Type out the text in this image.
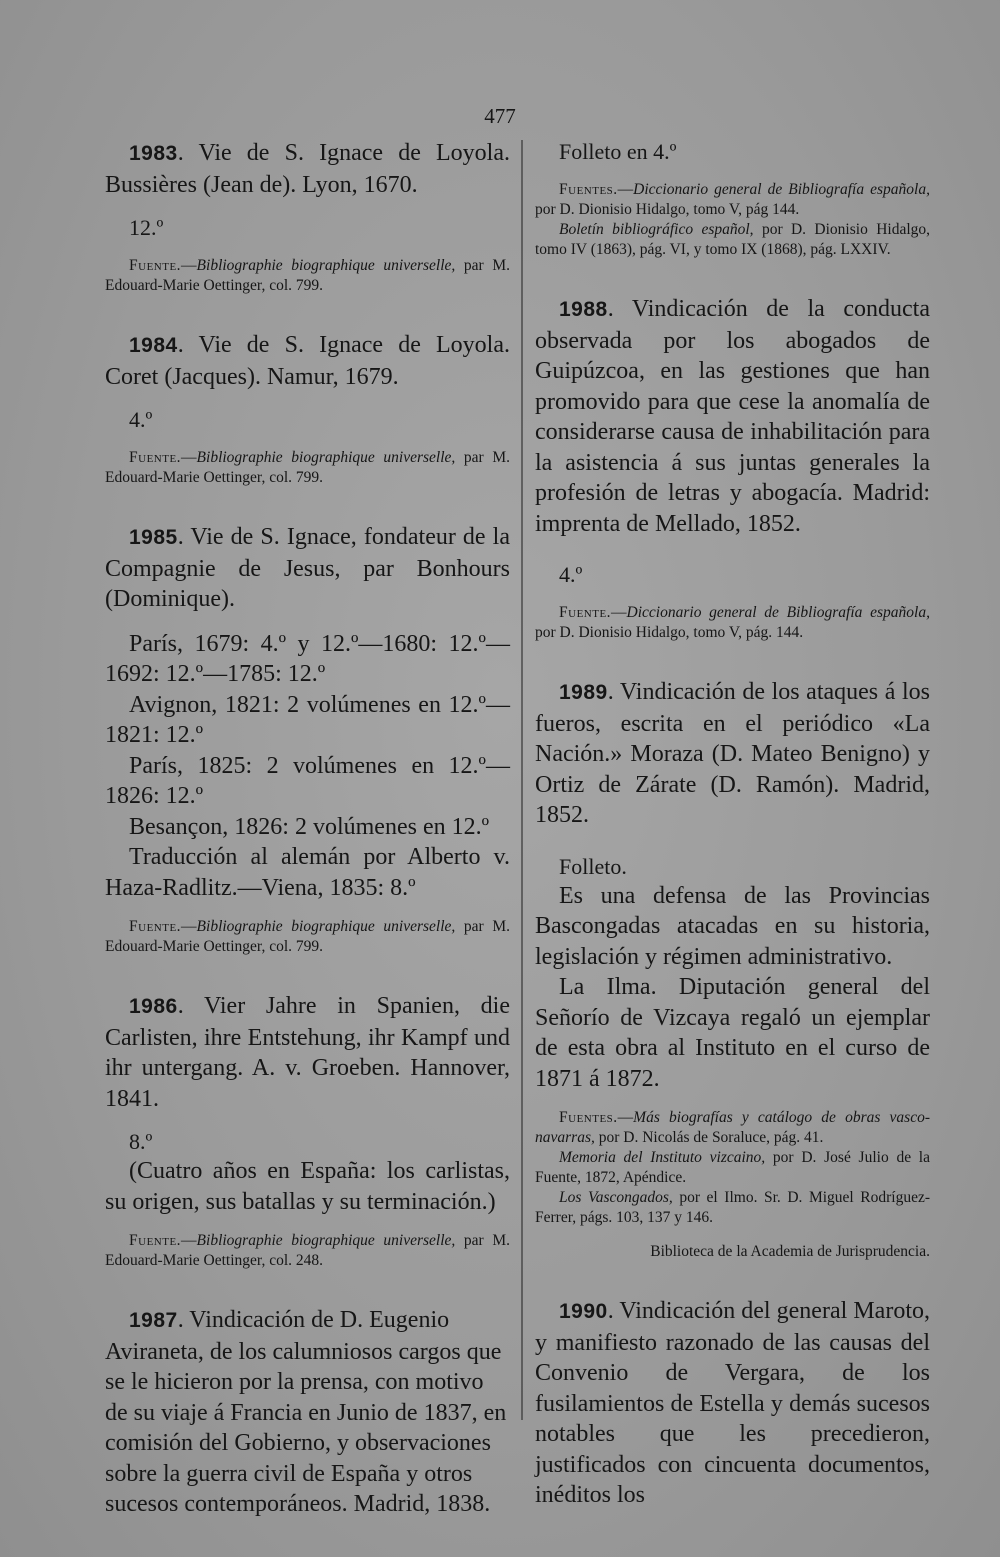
477

1983. Vie de S. Ignace de Loyola. Bussières (Jean de). Lyon, 1670.

12.º

Fuente.—Bibliographie biographique universelle, par M. Edouard-Marie Oettinger, col. 799.

1984. Vie de S. Ignace de Loyola. Coret (Jacques). Namur, 1679.

4.º

Fuente.—Bibliographie biographique universelle, par M. Edouard-Marie Oettinger, col. 799.

1985. Vie de S. Ignace, fondateur de la Compagnie de Jesus, par Bonhours (Dominique).

París, 1679: 4.º y 12.º—1680: 12.º—1692: 12.º—1785: 12.º

Avignon, 1821: 2 volúmenes en 12.º—1821: 12.º

París, 1825: 2 volúmenes en 12.º—1826: 12.º

Besançon, 1826: 2 volúmenes en 12.º

Traducción al alemán por Alberto v. Haza-Radlitz.—Viena, 1835: 8.º

Fuente.—Bibliographie biographique universelle, par M. Edouard-Marie Oettinger, col. 799.

1986. Vier Jahre in Spanien, die Carlisten, ihre Entstehung, ihr Kampf und ihr untergang. A. v. Groeben. Hannover, 1841.

8.º

(Cuatro años en España: los carlistas, su origen, sus batallas y su terminación.)

Fuente.—Bibliographie biographique universelle, par M. Edouard-Marie Oettinger, col. 248.

1987. Vindicación de D. Eugenio Aviraneta, de los calumniosos cargos que se le hicieron por la prensa, con motivo de su viaje á Francia en Junio de 1837, en comisión del Gobierno, y observaciones sobre la guerra civil de España y otros sucesos contemporáneos. Madrid, 1838.

Folleto en 4.º

Fuentes.—Diccionario general de Bibliografía española, por D. Dionisio Hidalgo, tomo V, pág 144.

Boletín bibliográfico español, por D. Dionisio Hidalgo, tomo IV (1863), pág. VI, y tomo IX (1868), pág. LXXIV.

1988. Vindicación de la conducta observada por los abogados de Guipúzcoa, en las gestiones que han promovido para que cese la anomalía de considerarse causa de inhabilitación para la asistencia á sus juntas generales la profesión de letras y abogacía. Madrid: imprenta de Mellado, 1852.

4.º

Fuente.—Diccionario general de Bibliografía española, por D. Dionisio Hidalgo, tomo V, pág. 144.

1989. Vindicación de los ataques á los fueros, escrita en el periódico «La Nación.» Moraza (D. Mateo Benigno) y Ortiz de Zárate (D. Ramón). Madrid, 1852.

Folleto.

Es una defensa de las Provincias Bascongadas atacadas en su historia, legislación y régimen administrativo.

La Ilma. Diputación general del Señorío de Vizcaya regaló un ejemplar de esta obra al Instituto en el curso de 1871 á 1872.

Fuentes.—Más biografías y catálogo de obras vasco-navarras, por D. Nicolás de Soraluce, pág. 41.

Memoria del Instituto vizcaino, por D. José Julio de la Fuente, 1872, Apéndice.

Los Vascongados, por el Ilmo. Sr. D. Miguel Rodríguez-Ferrer, págs. 103, 137 y 146.

Biblioteca de la Academia de Jurisprudencia.

1990. Vindicación del general Maroto, y manifiesto razonado de las causas del Convenio de Vergara, de los fusilamientos de Estella y demás sucesos notables que les precedieron, justificados con cincuenta documentos, inéditos los
